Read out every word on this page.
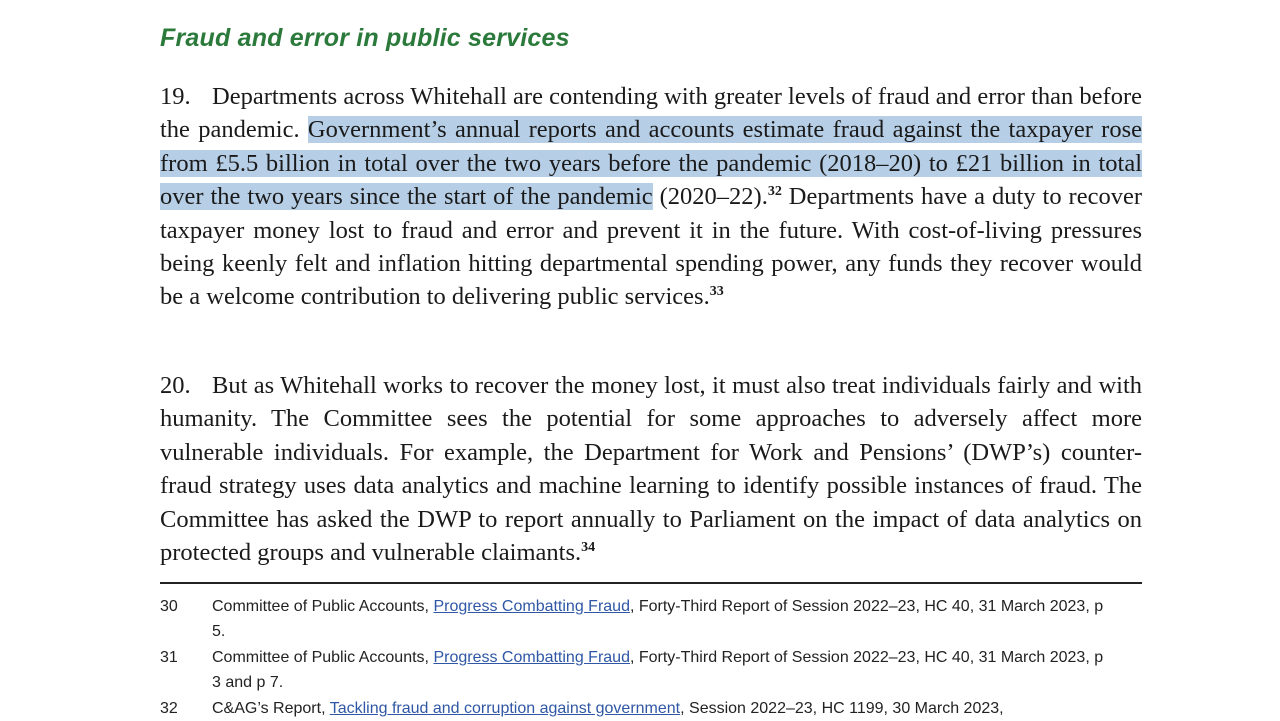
Fraud and error in public services

19. Departments across Whitehall are contending with greater levels of fraud and error than before the pandemic. Government’s annual reports and accounts estimate fraud against the taxpayer rose from £5.5 billion in total over the two years before the pandemic (2018–20) to £21 billion in total over the two years since the start of the pandemic (2020–22).$^{32}$ Departments have a duty to recover taxpayer money lost to fraud and error and prevent it in the future. With cost-of-living pressures being keenly felt and inflation hitting departmental spending power, any funds they recover would be a welcome contribution to delivering public services.$^{33}$

20. But as Whitehall works to recover the money lost, it must also treat individuals fairly and with humanity. The Committee sees the potential for some approaches to adversely affect more vulnerable individuals. For example, the Department for Work and Pensions’ (DWP’s) counter-fraud strategy uses data analytics and machine learning to identify possible instances of fraud. The Committee has asked the DWP to report annually to Parliament on the impact of data analytics on protected groups and vulnerable claimants.$^{34}$

30 Committee of Public Accounts, Progress Combatting Fraud, Forty-Third Report of Session 2022–23, HC 40, 31 March 2023, p 5.
31 Committee of Public Accounts, Progress Combatting Fraud, Forty-Third Report of Session 2022–23, HC 40, 31 March 2023, p 3 and p 7.
32 C&AG’s Report, Tackling fraud and corruption against government, Session 2022–23, HC 1199, 30 March 2023,
